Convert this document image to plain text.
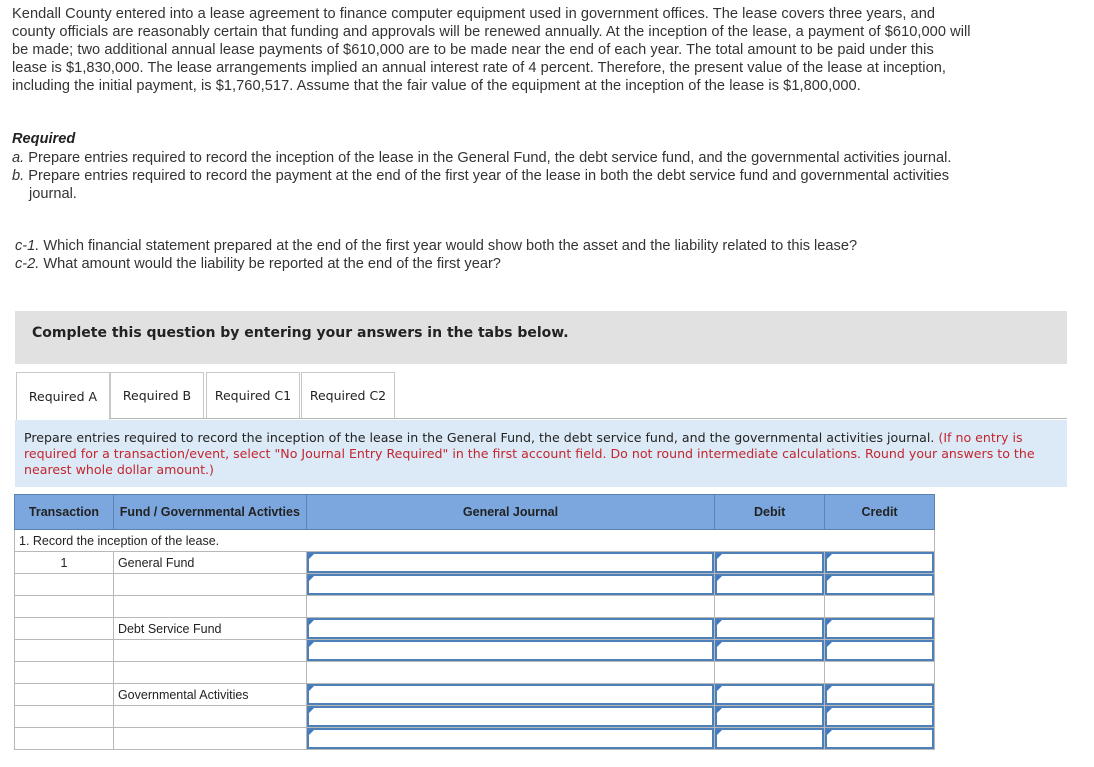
Kendall County entered into a lease agreement to finance computer equipment used in government offices. The lease covers three years, and county officials are reasonably certain that funding and approvals will be renewed annually. At the inception of the lease, a payment of $610,000 will be made; two additional annual lease payments of $610,000 are to be made near the end of each year. The total amount to be paid under this lease is $1,830,000. The lease arrangements implied an annual interest rate of 4 percent. Therefore, the present value of the lease at inception, including the initial payment, is $1,760,517. Assume that the fair value of the equipment at the inception of the lease is $1,800,000.

Required

a. Prepare entries required to record the inception of the lease in the General Fund, the debt service fund, and the governmental activities journal.

b. Prepare entries required to record the payment at the end of the first year of the lease in both the debt service fund and governmental activities journal.

c-1. Which financial statement prepared at the end of the first year would show both the asset and the liability related to this lease?

c-2. What amount would the liability be reported at the end of the first year?

Complete this question by entering your answers in the tabs below.
Required A	Required B	Required C1	Required C2
Prepare entries required to record the inception of the lease in the General Fund, the debt service fund, and the governmental activities journal. (If no entry is required for a transaction/event, select "No Journal Entry Required" in the first account field. Do not round intermediate calculations. Round your answers to the nearest whole dollar amount.)
Transaction	Fund / Governmental Activties	General Journal	Debit	Credit
1. Record the inception of the lease.				
1	General Fund	

	Debt Service Fund	

	Governmental Activities	
